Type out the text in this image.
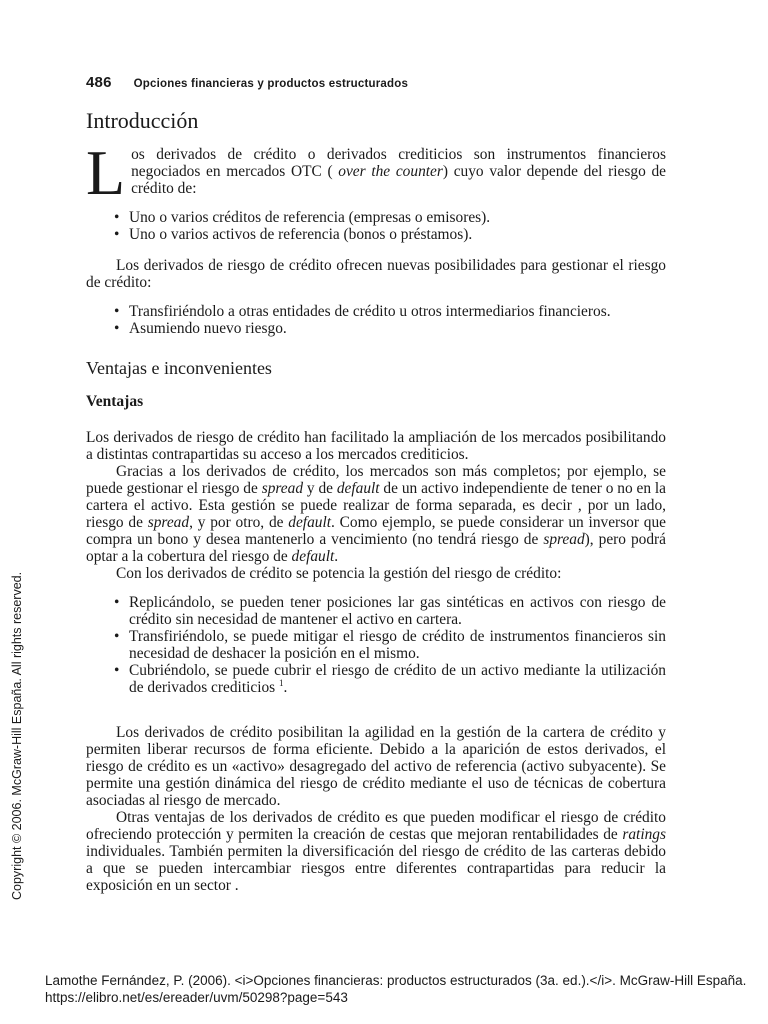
486 Opciones financieras y productos estructurados
Copyright © 2006. McGraw-Hill España. All rights reserved.
Introducción

Los derivados de crédito o derivados crediticios son instrumentos financieros negociados en mercados OTC ( over the counter) cuyo valor depende del riesgo de crédito de:

• Uno o varios créditos de referencia (empresas o emisores).
• Uno o varios activos de referencia (bonos o préstamos).

Los derivados de riesgo de crédito ofrecen nuevas posibilidades para gestionar el riesgo de crédito:

• Transfiriéndolo a otras entidades de crédito u otros intermediarios financieros.
• Asumiendo nuevo riesgo.
Ventajas e inconvenientes
Ventajas

Los derivados de riesgo de crédito han facilitado la ampliación de los mercados posibilitando a distintas contrapartidas su acceso a los mercados crediticios.

Gracias a los derivados de crédito, los mercados son más completos; por ejemplo, se puede gestionar el riesgo de spread y de default de un activo independiente de tener o no en la cartera el activo. Esta gestión se puede realizar de forma separada, es decir , por un lado, riesgo de spread, y por otro, de default. Como ejemplo, se puede considerar un inversor que compra un bono y desea mantenerlo a vencimiento (no tendrá riesgo de spread), pero podrá optar a la cobertura del riesgo de default.

Con los derivados de crédito se potencia la gestión del riesgo de crédito:

• Replicándolo, se pueden tener posiciones lar gas sintéticas en activos con riesgo de crédito sin necesidad de mantener el activo en cartera.
• Transfiriéndolo, se puede mitigar el riesgo de crédito de instrumentos financieros sin necesidad de deshacer la posición en el mismo.
• Cubriéndolo, se puede cubrir el riesgo de crédito de un activo mediante la utilización de derivados crediticios $^1$.

Los derivados de crédito posibilitan la agilidad en la gestión de la cartera de crédito y permiten liberar recursos de forma eficiente. Debido a la aparición de estos derivados, el riesgo de crédito es un «activo» desagregado del activo de referencia (activo subyacente). Se permite una gestión dinámica del riesgo de crédito mediante el uso de técnicas de cobertura asociadas al riesgo de mercado.

Otras ventajas de los derivados de crédito es que pueden modificar el riesgo de crédito ofreciendo protección y permiten la creación de cestas que mejoran rentabilidades de ratings individuales. También permiten la diversificación del riesgo de crédito de las carteras debido a que se pueden intercambiar riesgos entre diferentes contrapartidas para reducir la exposición en un sector .

Lamothe Fernández, P. (2006). <i>Opciones financieras: productos estructurados (3a. ed.).</i>. McGraw-Hill España. https://elibro.net/es/ereader/uvm/50298?page=543
